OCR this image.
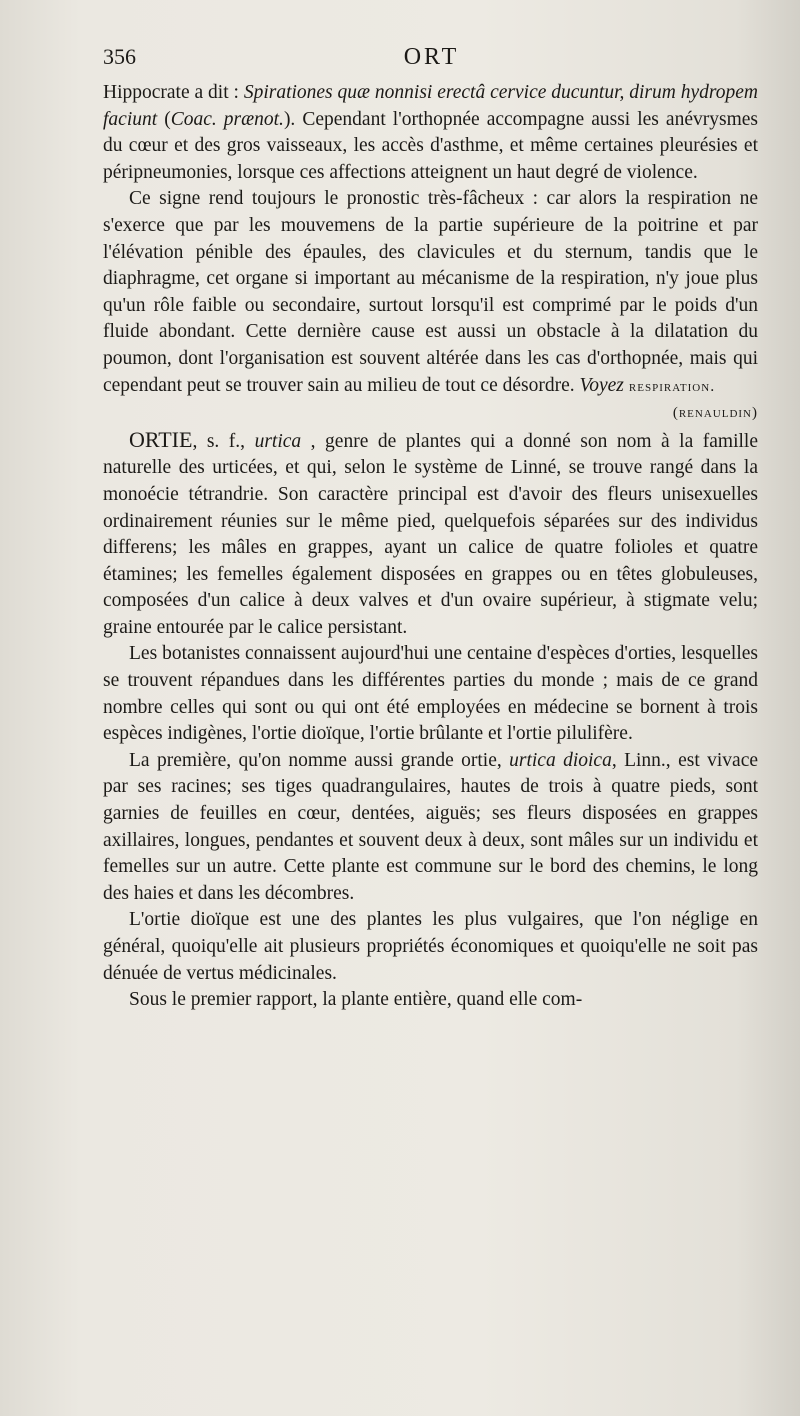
356	ORT

Hippocrate a dit : Spirationes quæ nonnisi erectâ cervice ducuntur, dirum hydropem faciunt (Coac. prænot.). Cependant l'orthopnée accompagne aussi les anévrysmes du cœur et des gros vaisseaux, les accès d'asthme, et même certaines pleurésies et péripneumonies, lorsque ces affections atteignent un haut degré de violence.

Ce signe rend toujours le pronostic très-fâcheux : car alors la respiration ne s'exerce que par les mouvemens de la partie supérieure de la poitrine et par l'élévation pénible des épaules, des clavicules et du sternum, tandis que le diaphragme, cet organe si important au mécanisme de la respiration, n'y joue plus qu'un rôle faible ou secondaire, surtout lorsqu'il est comprimé par le poids d'un fluide abondant. Cette dernière cause est aussi un obstacle à la dilatation du poumon, dont l'organisation est souvent altérée dans les cas d'orthopnée, mais qui cependant peut se trouver sain au milieu de tout ce désordre. Voyez respiration.
(renauldin)

ORTIE, s. f., urtica , genre de plantes qui a donné son nom à la famille naturelle des urticées, et qui, selon le système de Linné, se trouve rangé dans la monoécie tétrandrie. Son caractère principal est d'avoir des fleurs unisexuelles ordinairement réunies sur le même pied, quelquefois séparées sur des individus differens; les mâles en grappes, ayant un calice de quatre folioles et quatre étamines; les femelles également disposées en grappes ou en têtes globuleuses, composées d'un calice à deux valves et d'un ovaire supérieur, à stigmate velu; graine entourée par le calice persistant.

Les botanistes connaissent aujourd'hui une centaine d'espèces d'orties, lesquelles se trouvent répandues dans les différentes parties du monde ; mais de ce grand nombre celles qui sont ou qui ont été employées en médecine se bornent à trois espèces indigènes, l'ortie dioïque, l'ortie brûlante et l'ortie pilulifère.

La première, qu'on nomme aussi grande ortie, urtica dioica, Linn., est vivace par ses racines; ses tiges quadrangulaires, hautes de trois à quatre pieds, sont garnies de feuilles en cœur, dentées, aiguës; ses fleurs disposées en grappes axillaires, longues, pendantes et souvent deux à deux, sont mâles sur un individu et femelles sur un autre. Cette plante est commune sur le bord des chemins, le long des haies et dans les décombres.

L'ortie dioïque est une des plantes les plus vulgaires, que l'on néglige en général, quoiqu'elle ait plusieurs propriétés économiques et quoiqu'elle ne soit pas dénuée de vertus médicinales.

Sous le premier rapport, la plante entière, quand elle com-
